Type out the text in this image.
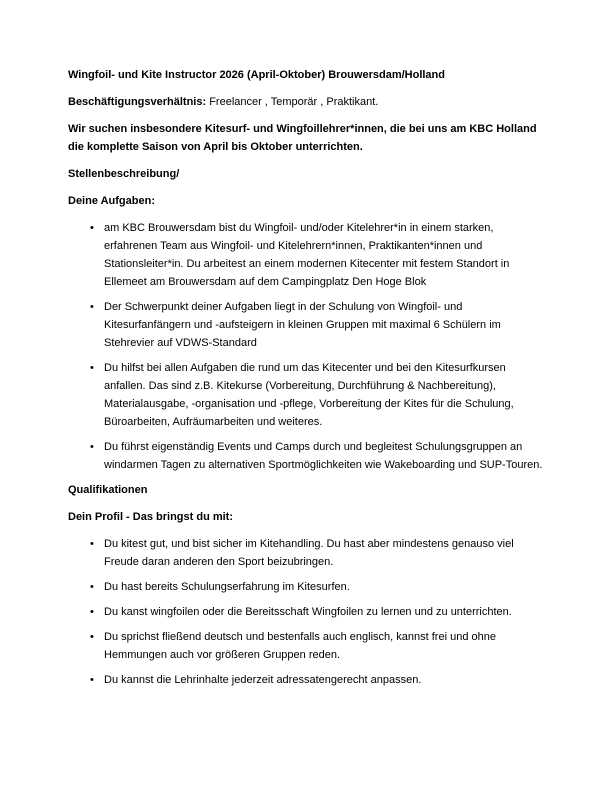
Wingfoil- und Kite Instructor 2026 (April-Oktober) Brouwersdam/Holland

Beschäftigungsverhältnis: Freelancer , Temporär , Praktikant.

Wir suchen insbesondere Kitesurf- und Wingfoillehrer*innen, die bei uns am KBC Holland die komplette Saison von April bis Oktober unterrichten.

Stellenbeschreibung/

Deine Aufgaben:

• am KBC Brouwersdam bist du Wingfoil- und/oder Kitelehrer*in in einem starken, erfahrenen Team aus Wingfoil- und Kitelehrern*innen, Praktikanten*innen und Stationsleiter*in. Du arbeitest an einem modernen Kitecenter mit festem Standort in Ellemeet am Brouwersdam auf dem Campingplatz Den Hoge Blok
• Der Schwerpunkt deiner Aufgaben liegt in der Schulung von Wingfoil- und Kitesurfanfängern und -aufsteigern in kleinen Gruppen mit maximal 6 Schülern im Stehrevier auf VDWS-Standard
• Du hilfst bei allen Aufgaben die rund um das Kitecenter und bei den Kitesurfkursen anfallen. Das sind z.B. Kitekurse (Vorbereitung, Durchführung & Nachbereitung), Materialausgabe, -organisation und -pflege, Vorbereitung der Kites für die Schulung, Büroarbeiten, Aufräumarbeiten und weiteres.
• Du führst eigenständig Events und Camps durch und begleitest Schulungsgruppen an windarmen Tagen zu alternativen Sportmöglichkeiten wie Wakeboarding und SUP-Touren.

Qualifikationen

Dein Profil - Das bringst du mit:

• Du kitest gut, und bist sicher im Kitehandling. Du hast aber mindestens genauso viel Freude daran anderen den Sport beizubringen.
• Du hast bereits Schulungserfahrung im Kitesurfen.
• Du kanst wingfoilen oder die Bereitsschaft Wingfoilen zu lernen und zu unterrichten.
• Du sprichst fließend deutsch und bestenfalls auch englisch, kannst frei und ohne Hemmungen auch vor größeren Gruppen reden.
• Du kannst die Lehrinhalte jederzeit adressatengerecht anpassen.
